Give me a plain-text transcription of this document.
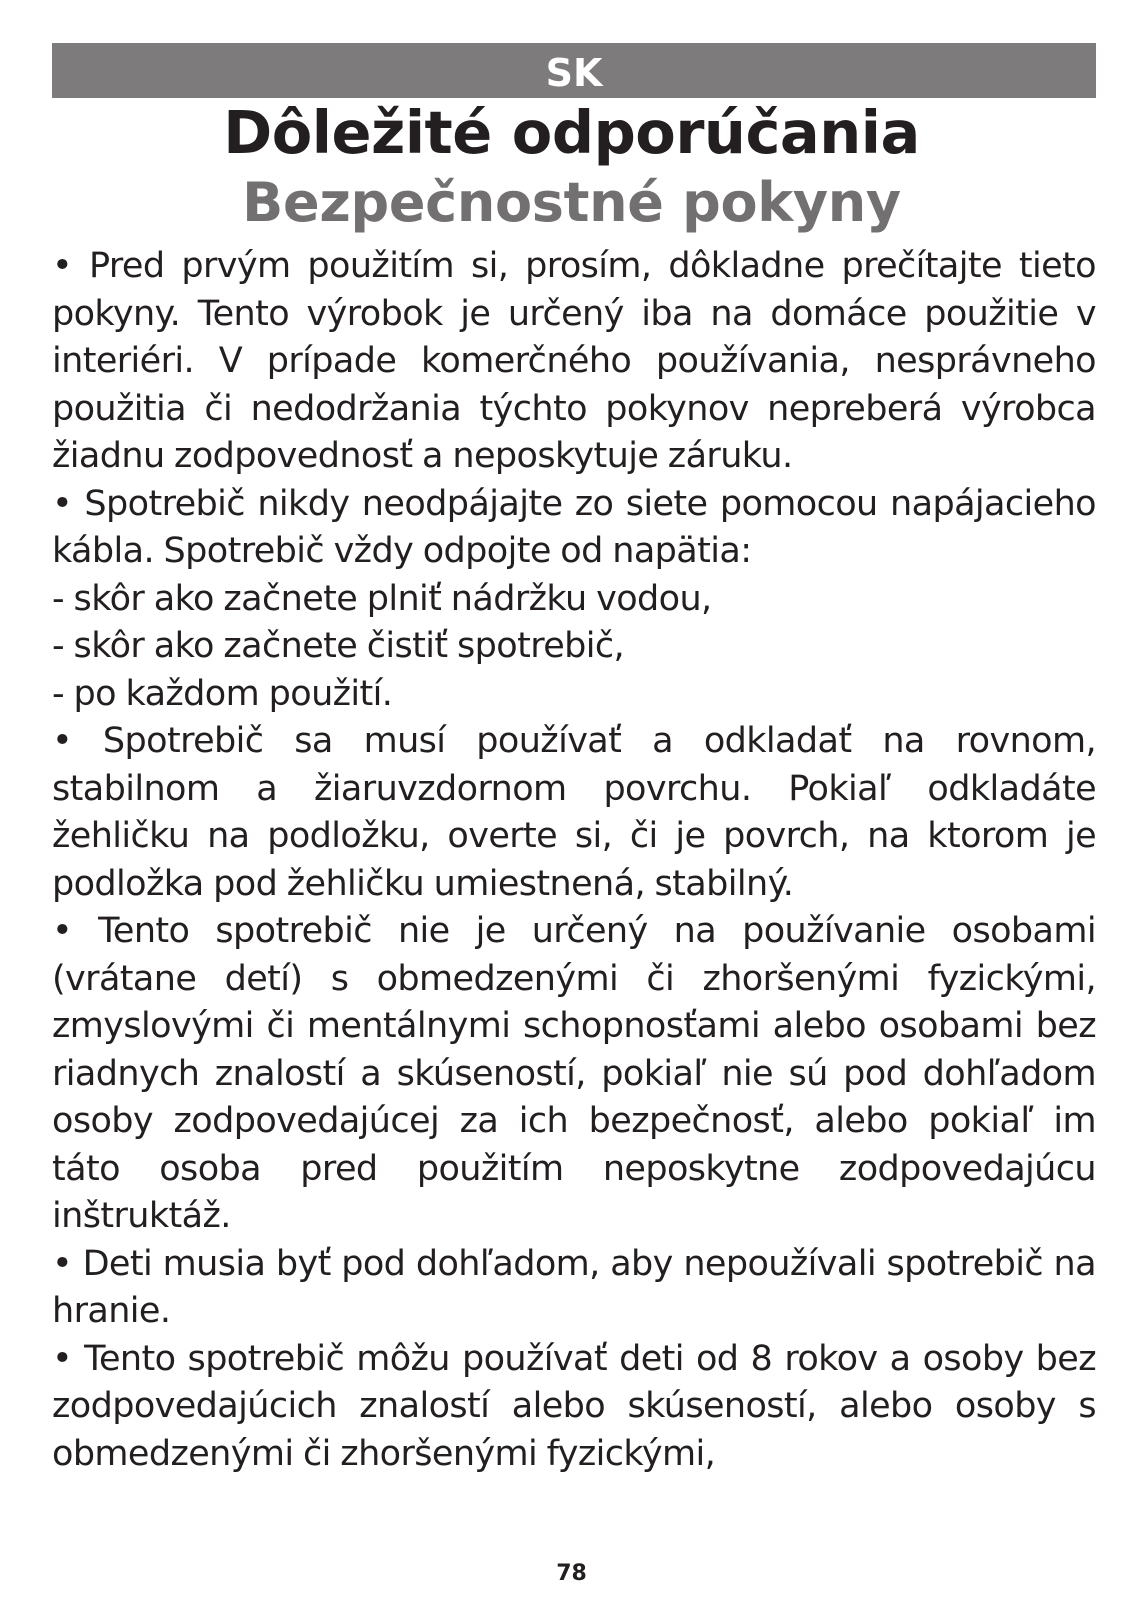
SK
Dôležité odporúčania
Bezpečnostné pokyny

• Pred prvým použitím si, prosím, dôkladne prečítajte tieto pokyny. Tento výrobok je určený iba na domáce použitie v interiéri. V prípade komerčného používania, nesprávneho použitia či nedodržania týchto pokynov nepreberá výrobca žiadnu zodpovednosť a neposkytuje záruku.

• Spotrebič nikdy neodpájajte zo siete pomocou napájacieho kábla. Spotrebič vždy odpojte od napätia:

- skôr ako začnete plniť nádržku vodou,

- skôr ako začnete čistiť spotrebič,

- po každom použití.

• Spotrebič sa musí používať a odkladať na rovnom, stabilnom a žiaruvzdornom povrchu. Pokiaľ odkladáte žehličku na podložku, overte si, či je povrch, na ktorom je podložka pod žehličku umiestnená, stabilný.

• Tento spotrebič nie je určený na používanie osobami (vrátane detí) s obmedzenými či zhoršenými fyzickými, zmyslovými či mentálnymi schopnosťami alebo osobami bez riadnych znalostí a skúseností, pokiaľ nie sú pod dohľadom osoby zodpovedajúcej za ich bezpečnosť, alebo pokiaľ im táto osoba pred použitím neposkytne zodpovedajúcu inštruktáž.

• Deti musia byť pod dohľadom, aby nepoužívali spotrebič na hranie.

• Tento spotrebič môžu používať deti od 8 rokov a osoby bez zodpovedajúcich znalostí alebo skúseností, alebo osoby s obmedzenými či zhoršenými fyzickými,

78
